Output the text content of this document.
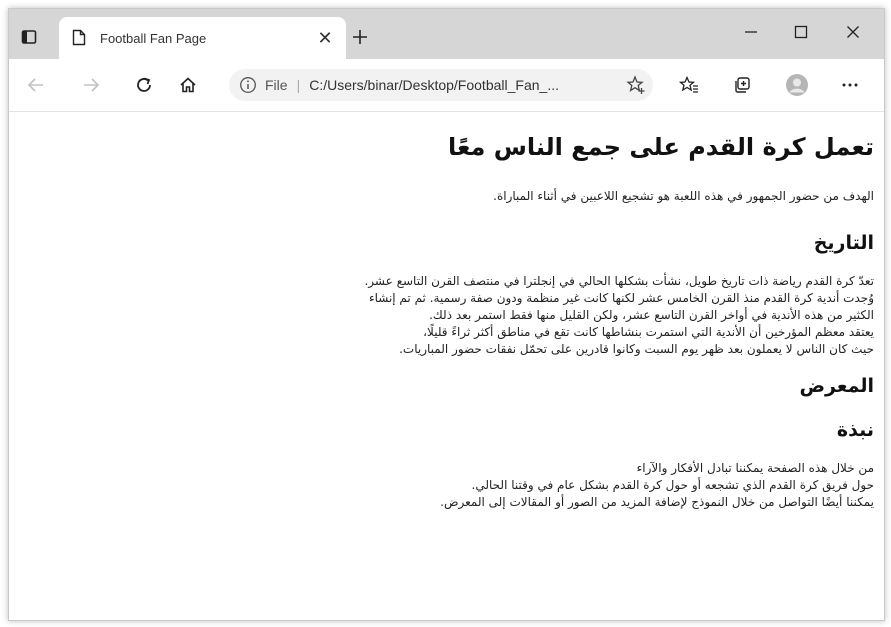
Football Fan Page	✕
File | C:/Users/binar/Desktop/Football_Fan_...
تعمل كرة القدم على جمع الناس معًا

الهدف من حضور الجمهور في هذه اللعبة هو تشجيع اللاعبين في أثناء المباراة.

التاريخ

تعدّ كرة القدم رياضة ذات تاريخ طويل، نشأت بشكلها الحالي في إنجلترا في منتصف القرن التاسع عشر.
وُجدت أندية كرة القدم منذ القرن الخامس عشر لكنها كانت غير منظمة ودون صفة رسمية. ثم تم إنشاء
الكثير من هذه الأندية في أواخر القرن التاسع عشر، ولكن القليل منها فقط استمر بعد ذلك.
يعتقد معظم المؤرخين أن الأندية التي استمرت بنشاطها كانت تقع في مناطق أكثر ثراءً قليلًا،
حيث كان الناس لا يعملون بعد ظهر يوم السبت وكانوا قادرين على تحمّل نفقات حضور المباريات.

المعرض
نبذة

من خلال هذه الصفحة يمكننا تبادل الأفكار والآراء
حول فريق كرة القدم الذي تشجعه أو حول كرة القدم بشكل عام في وقتنا الحالي.
يمكننا أيضًا التواصل من خلال النموذج لإضافة المزيد من الصور أو المقالات إلى المعرض.
